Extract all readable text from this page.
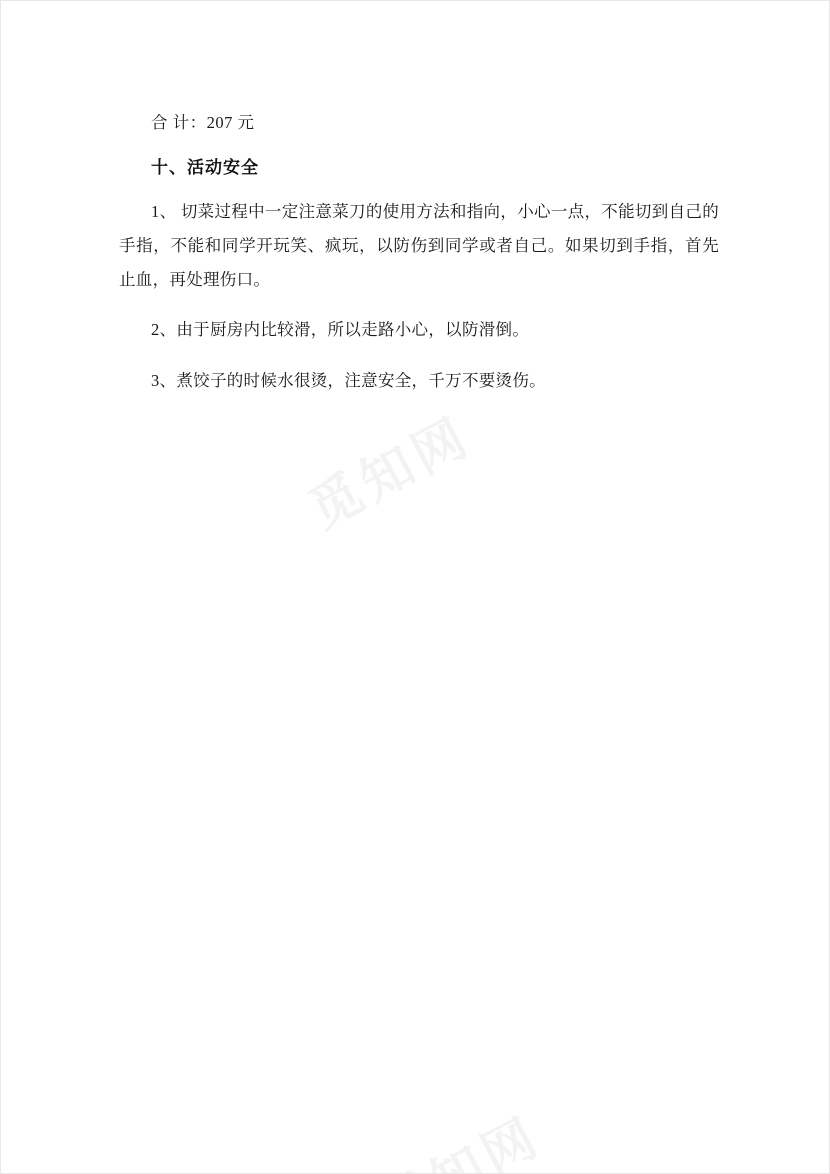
合 计：207 元
十、活动安全
1、 切菜过程中一定注意菜刀的使用方法和指向，小心一点，不能切到自己的手指，不能和同学开玩笑、疯玩，以防伤到同学或者自己。如果切到手指，首先止血，再处理伤口。
2、由于厨房内比较滑，所以走路小心，以防滑倒。
3、煮饺子的时候水很烫，注意安全，千万不要烫伤。
